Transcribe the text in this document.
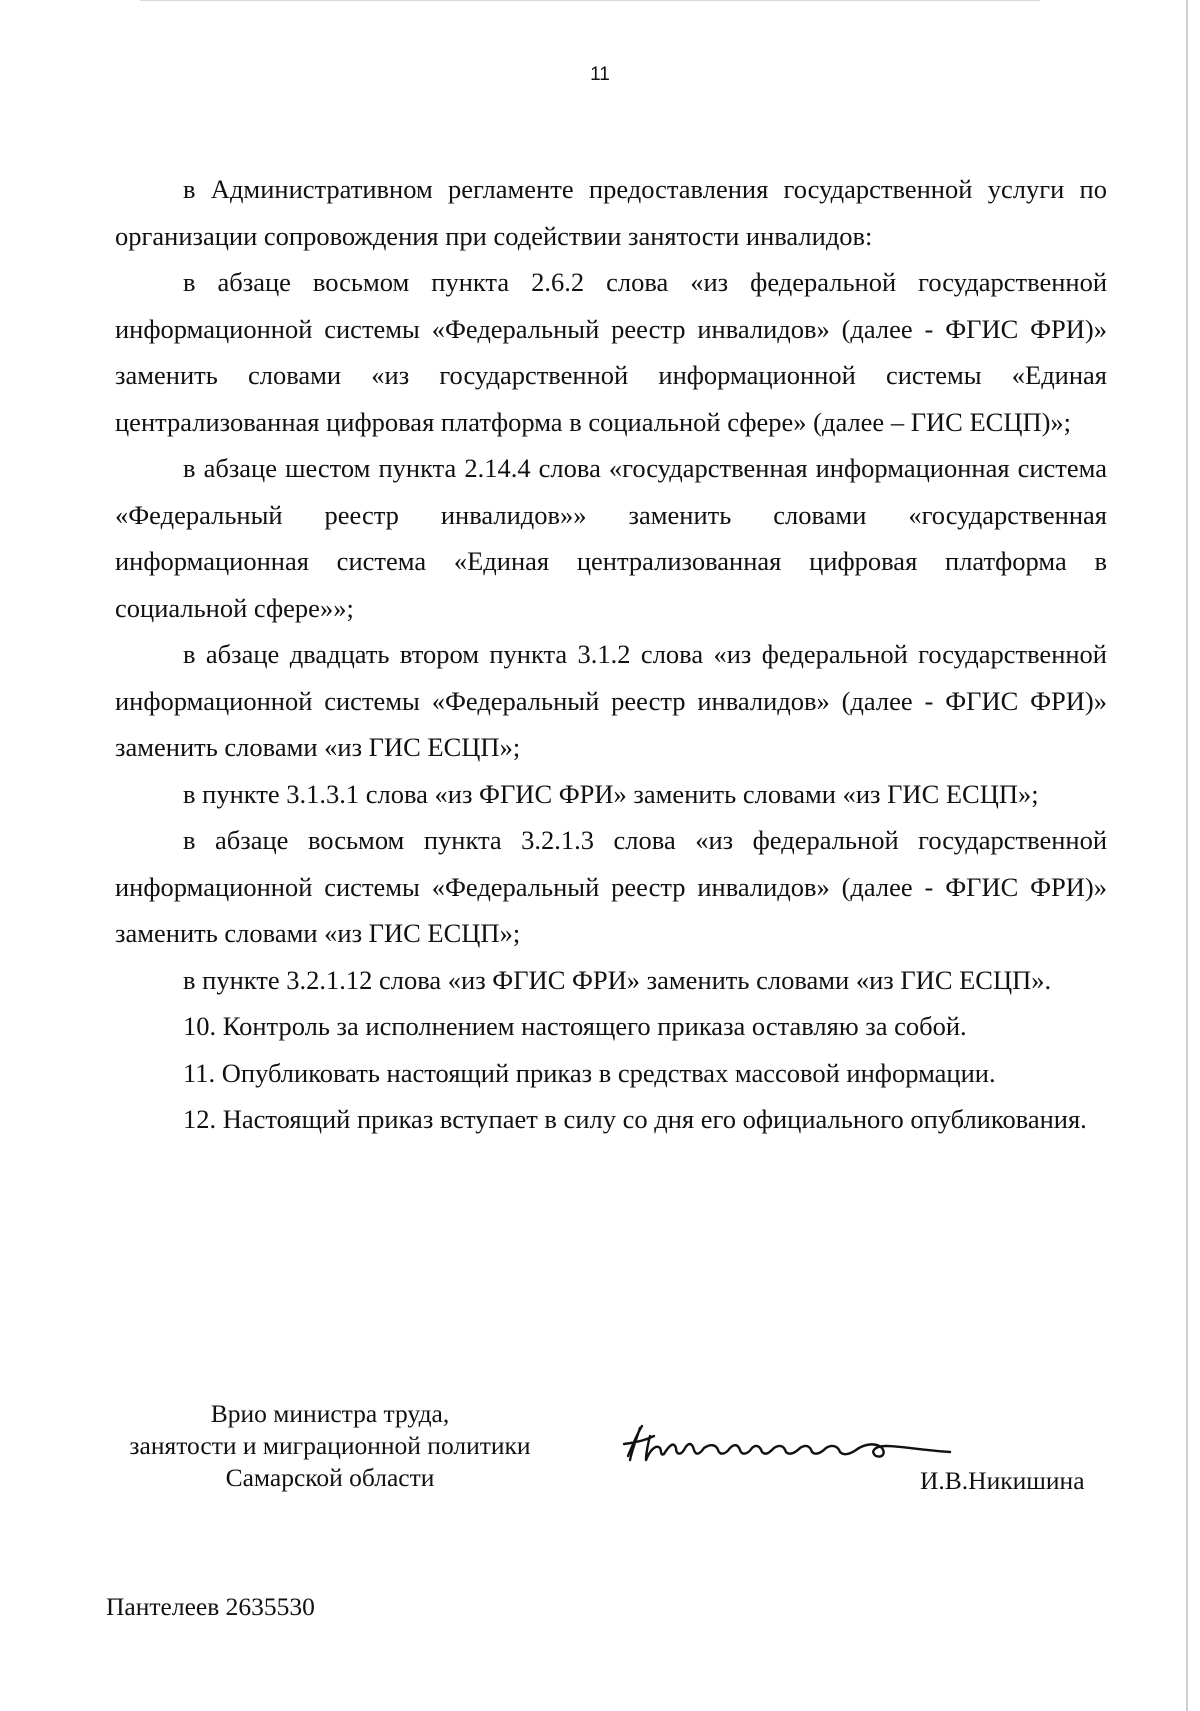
11

в Административном регламенте предоставления государственной услуги по организации сопровождения при содействии занятости инвалидов:

в абзаце восьмом пункта 2.6.2 слова «из федеральной государственной информационной системы «Федеральный реестр инвалидов» (далее - ФГИС ФРИ)» заменить словами «из государственной информационной системы «Единая централизованная цифровая платформа в социальной сфере» (далее – ГИС ЕСЦП)»;

в абзаце шестом пункта 2.14.4 слова «государственная информационная система «Федеральный реестр инвалидов»» заменить словами «государственная информационная система «Единая централизованная цифровая платформа в социальной сфере»»;

в абзаце двадцать втором пункта 3.1.2 слова «из федеральной государственной информационной системы «Федеральный реестр инвалидов» (далее - ФГИС ФРИ)» заменить словами «из ГИС ЕСЦП»;

в пункте 3.1.3.1 слова «из ФГИС ФРИ» заменить словами «из ГИС ЕСЦП»;

в абзаце восьмом пункта 3.2.1.3 слова «из федеральной государственной информационной системы «Федеральный реестр инвалидов» (далее - ФГИС ФРИ)» заменить словами «из ГИС ЕСЦП»;

в пункте 3.2.1.12 слова «из ФГИС ФРИ» заменить словами «из ГИС ЕСЦП».

10. Контроль за исполнением настоящего приказа оставляю за собой.

11. Опубликовать настоящий приказ в средствах массовой информации.

12. Настоящий приказ вступает в силу со дня его официального опубликования.

Врио министра труда,
занятости и миграционной политики
Самарской области	И.В.Никишина
Пантелеев 2635530
